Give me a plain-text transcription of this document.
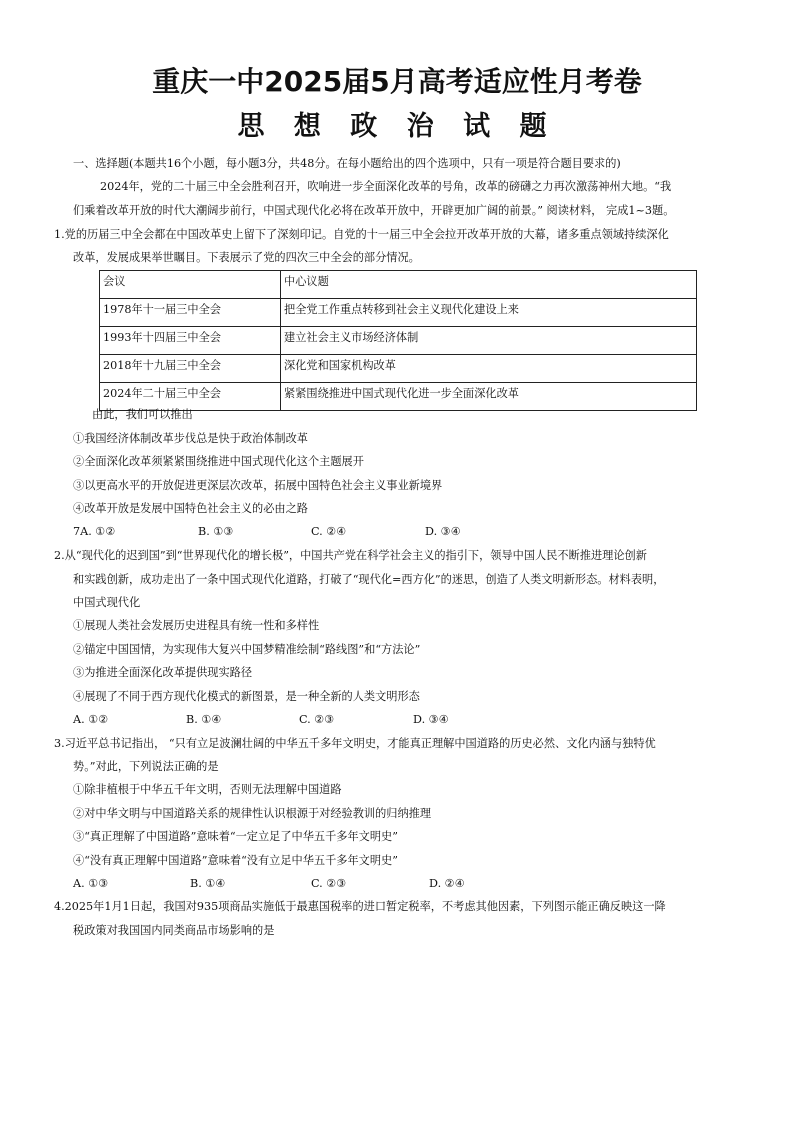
重庆一中2025届5月高考适应性月考卷
思 想 政 治 试 题
一、选择题(本题共16个小题，每小题3分，共48分。在每小题给出的四个选项中，只有一项是符合题目要求的)
2024年，党的二十届三中全会胜利召开，吹响进一步全面深化改革的号角，改革的磅礴之力再次激荡神州大地。“我
们乘着改革开放的时代大潮阔步前行，中国式现代化必将在改革开放中，开辟更加广阔的前景。” 阅读材料， 完成1~3题。
1.党的历届三中全会都在中国改革史上留下了深刻印记。自党的十一届三中全会拉开改革开放的大幕，诸多重点领域持续深化
改革，发展成果举世瞩目。下表展示了党的四次三中全会的部分情况。
会议	中心议题
1978年十一届三中全会	把全党工作重点转移到社会主义现代化建设上来
1993年十四届三中全会	建立社会主义市场经济体制
2018年十九届三中全会	深化党和国家机构改革
2024年二十届三中全会	紧紧围绕推进中国式现代化进一步全面深化改革
由此，我们可以推出
①我国经济体制改革步伐总是快于政治体制改革
②全面深化改革须紧紧围绕推进中国式现代化这个主题展开
③以更高水平的开放促进更深层次改革，拓展中国特色社会主义事业新境界
④改革开放是发展中国特色社会主义的必由之路
7A. ①②	B. ①③	C. ②④	D. ③④
2.从“现代化的迟到国”到“世界现代化的增长极”，中国共产党在科学社会主义的指引下，领导中国人民不断推进理论创新
和实践创新，成功走出了一条中国式现代化道路，打破了“现代化=西方化”的迷思，创造了人类文明新形态。材料表明，
中国式现代化
①展现人类社会发展历史进程具有统一性和多样性
②锚定中国国情，为实现伟大复兴中国梦精准绘制“路线图”和“方法论”
③为推进全面深化改革提供现实路径
④展现了不同于西方现代化模式的新图景，是一种全新的人类文明形态
A. ①②	B. ①④	C. ②③	D. ③④
3.习近平总书记指出， “只有立足波澜壮阔的中华五千多年文明史，才能真正理解中国道路的历史必然、文化内涵与独特优
势。”对此，下列说法正确的是
①除非植根于中华五千年文明，否则无法理解中国道路
②对中华文明与中国道路关系的规律性认识根源于对经验教训的归纳推理
③“真正理解了中国道路”意味着“一定立足了中华五千多年文明史”
④“没有真正理解中国道路”意味着“没有立足中华五千多年文明史”
A. ①③	B. ①④	C. ②③	D. ②④
4.2025年1月1日起，我国对935项商品实施低于最惠国税率的进口暂定税率，不考虑其他因素，下列图示能正确反映这一降
税政策对我国国内同类商品市场影响的是
